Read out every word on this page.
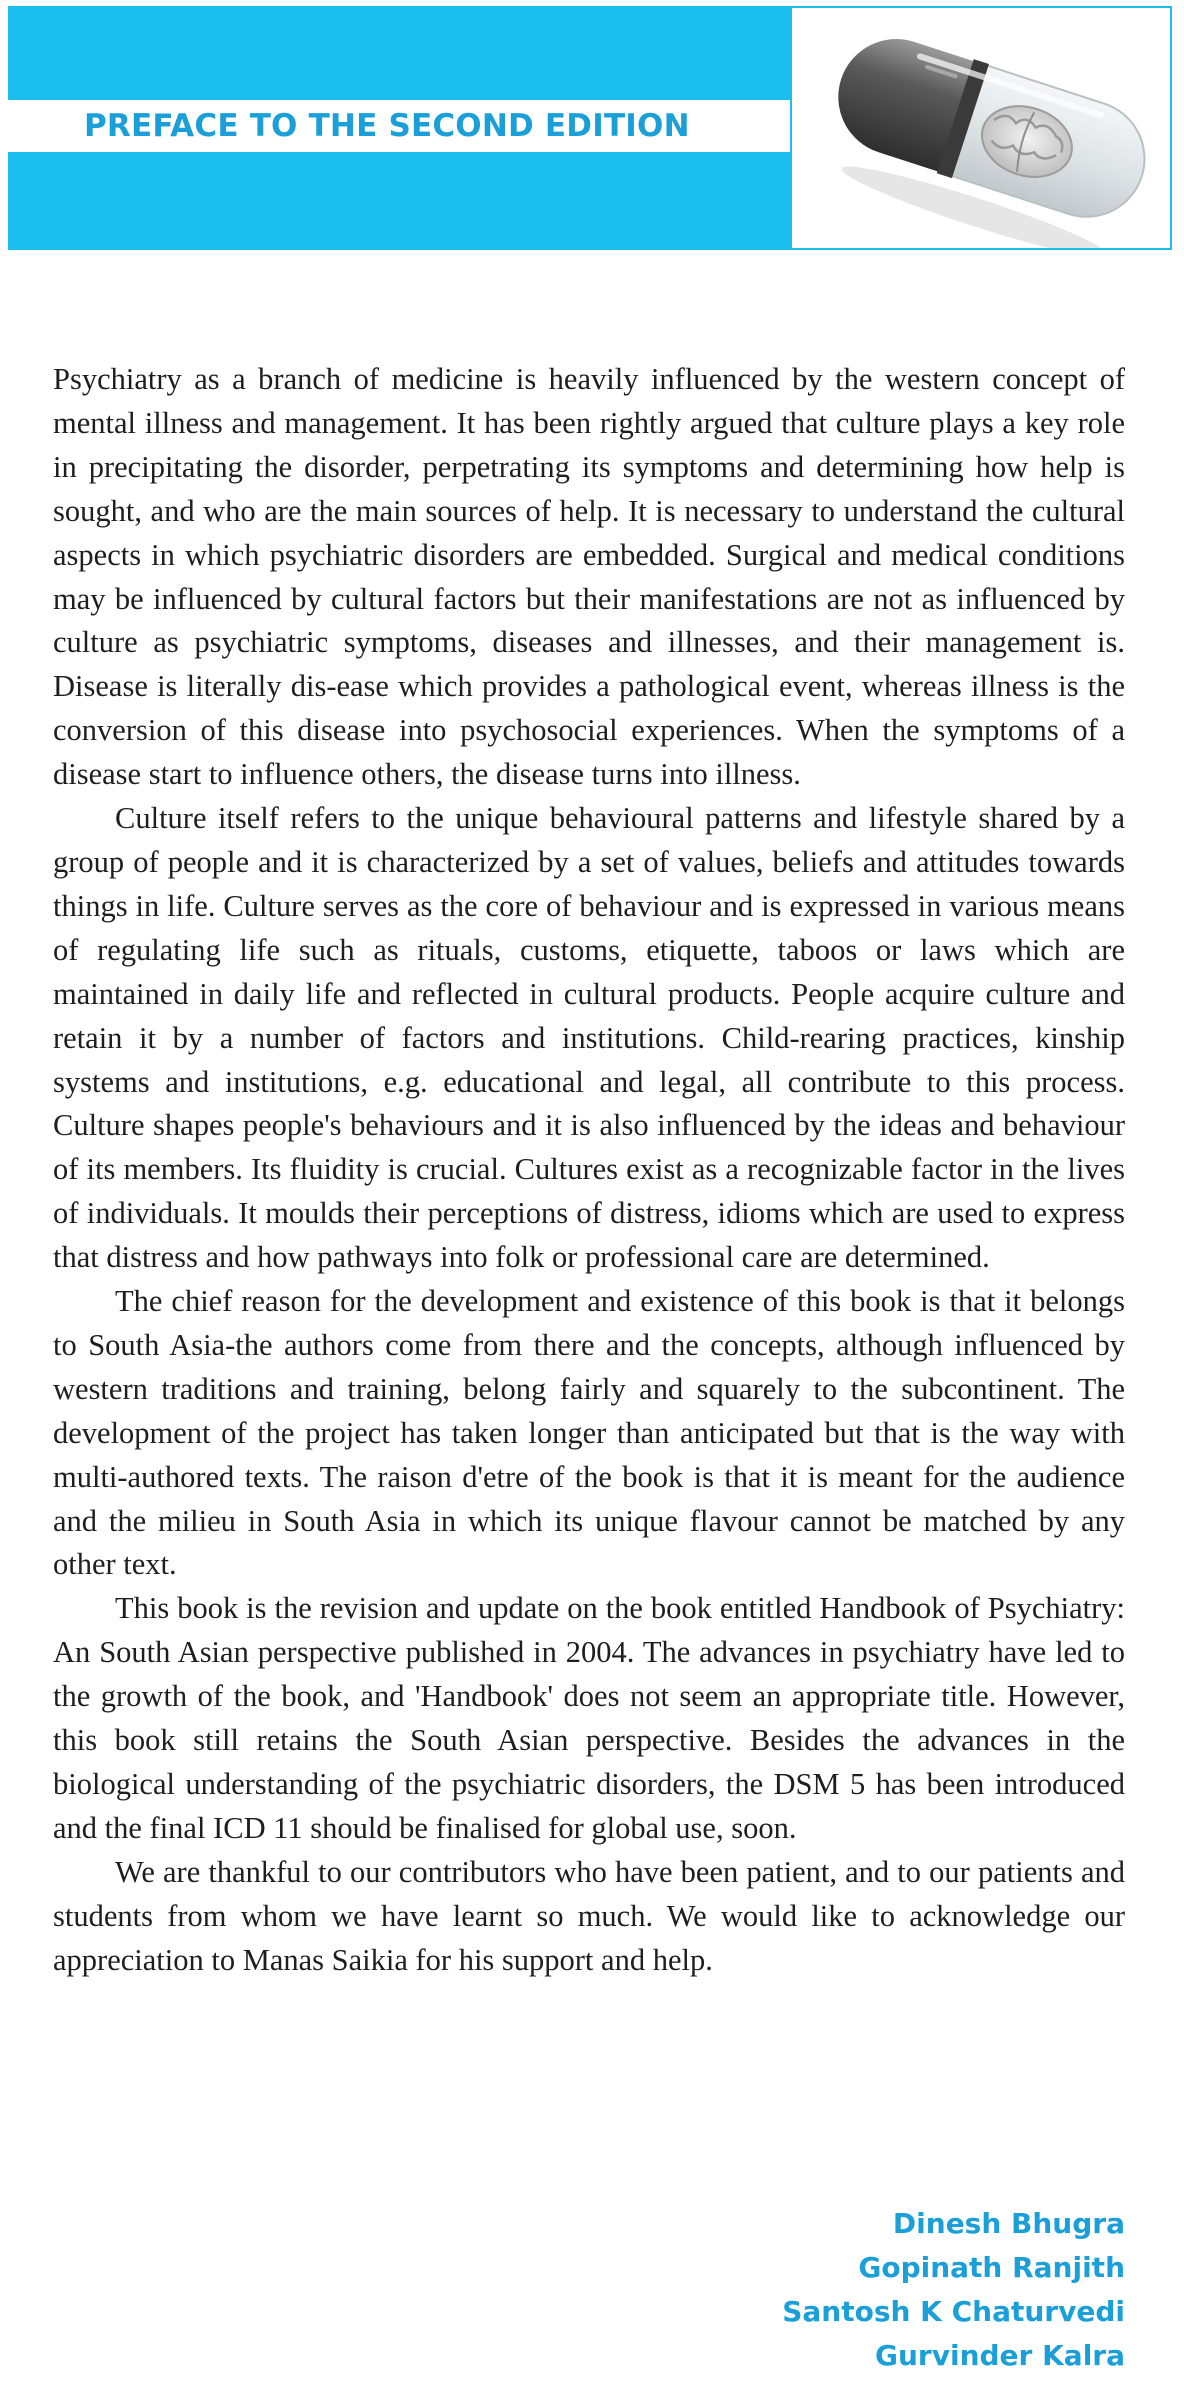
PREFACE TO THE SECOND EDITION

Psychiatry as a branch of medicine is heavily influenced by the western concept of mental illness and management. It has been rightly argued that culture plays a key role in precipitating the disorder, perpetrating its symptoms and determining how help is sought, and who are the main sources of help. It is necessary to understand the cultural aspects in which psychiatric disorders are embedded. Surgical and medical conditions may be influenced by cultural factors but their manifestations are not as influenced by culture as psychiatric symptoms, diseases and illnesses, and their management is. Disease is literally dis-ease which provides a pathological event, whereas illness is the conversion of this disease into psychosocial experiences. When the symptoms of a disease start to influence others, the disease turns into illness.

Culture itself refers to the unique behavioural patterns and lifestyle shared by a group of people and it is characterized by a set of values, beliefs and attitudes towards things in life. Culture serves as the core of behaviour and is expressed in various means of regulating life such as rituals, customs, etiquette, taboos or laws which are maintained in daily life and reflected in cultural products. People acquire culture and retain it by a number of factors and institutions. Child-rearing practices, kinship systems and institutions, e.g. educational and legal, all contribute to this process. Culture shapes people's behaviours and it is also influenced by the ideas and behaviour of its members. Its fluidity is crucial. Cultures exist as a recognizable factor in the lives of individuals. It moulds their perceptions of distress, idioms which are used to express that distress and how pathways into folk or professional care are determined.

The chief reason for the development and existence of this book is that it belongs to South Asia-the authors come from there and the concepts, although influenced by western traditions and training, belong fairly and squarely to the subcontinent. The development of the project has taken longer than anticipated but that is the way with multi-authored texts. The raison d'etre of the book is that it is meant for the audience and the milieu in South Asia in which its unique flavour cannot be matched by any other text.

This book is the revision and update on the book entitled Handbook of Psychiatry: An South Asian perspective published in 2004. The advances in psychiatry have led to the growth of the book, and 'Handbook' does not seem an appropriate title. However, this book still retains the South Asian perspective. Besides the advances in the biological understanding of the psychiatric disorders, the DSM 5 has been introduced and the final ICD 11 should be finalised for global use, soon.

We are thankful to our contributors who have been patient, and to our patients and students from whom we have learnt so much. We would like to acknowledge our appreciation to Manas Saikia for his support and help.

Dinesh Bhugra
Gopinath Ranjith
Santosh K Chaturvedi
Gurvinder Kalra
